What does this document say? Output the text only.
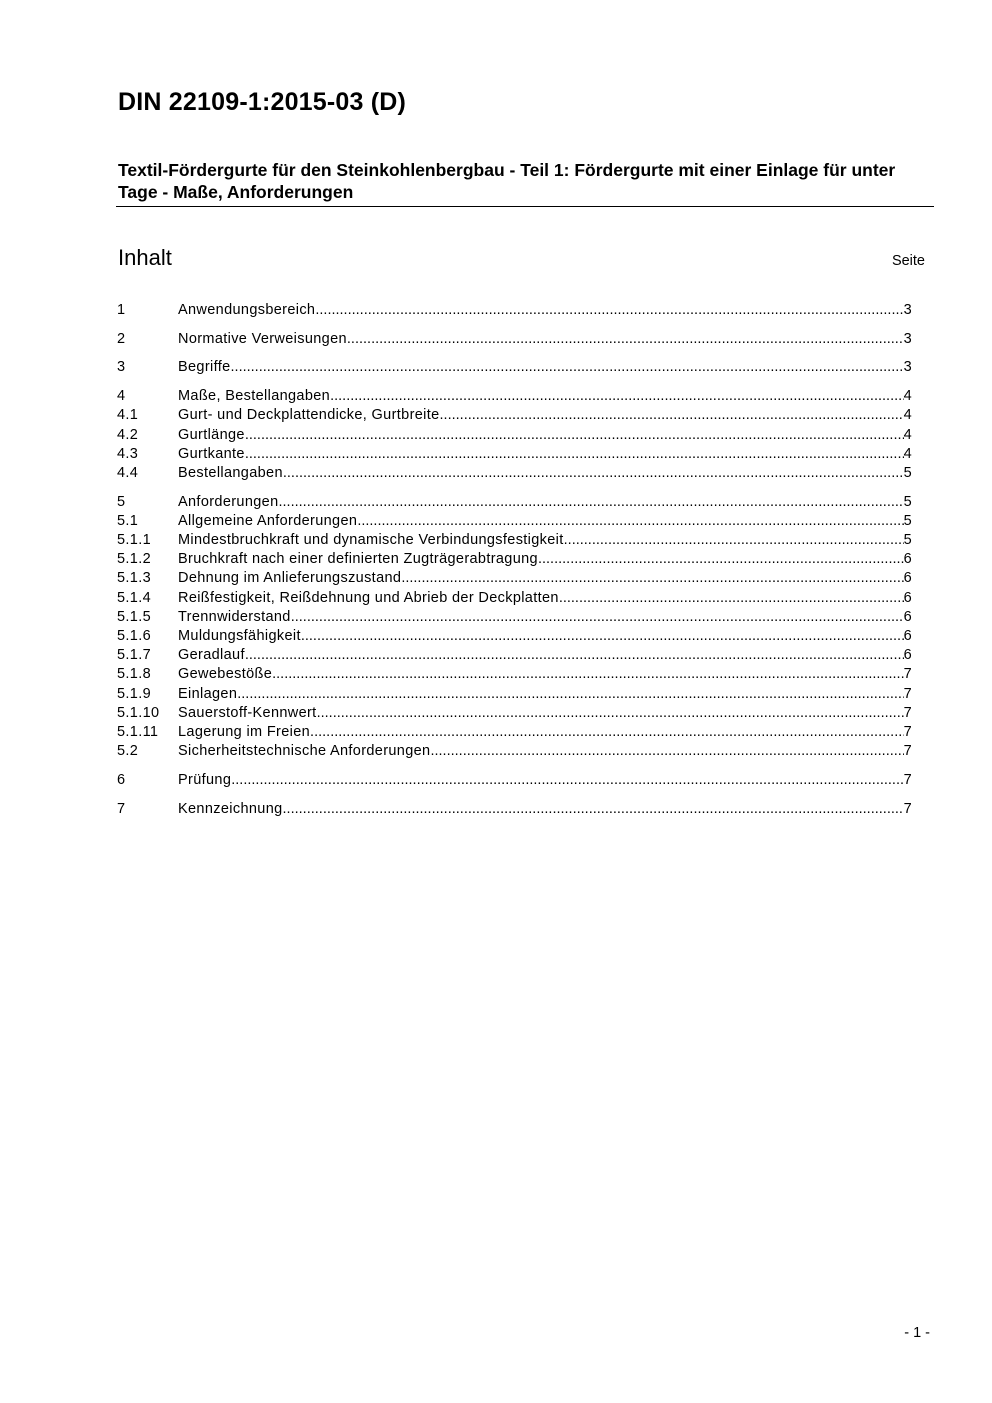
DIN 22109-1:2015-03 (D)
Textil-Fördergurte für den Steinkohlenbergbau - Teil 1: Fördergurte mit einer Einlage für unter Tage - Maße, Anforderungen
Inhalt	Seite
1	Anwendungsbereich .....	3
2	Normative Verweisungen .....	3
3	Begriffe .....	3
4	Maße, Bestellangaben .....	4
4.1	Gurt- und Deckplattendicke, Gurtbreite .....	4
4.2	Gurtlänge .....	4
4.3	Gurtkante .....	4
4.4	Bestellangaben .....	5
5	Anforderungen .....	5
5.1	Allgemeine Anforderungen .....	5
5.1.1	Mindestbruchkraft und dynamische Verbindungsfestigkeit .....	5
5.1.2	Bruchkraft nach einer definierten Zugträgerabtragung .....	6
5.1.3	Dehnung im Anlieferungszustand .....	6
5.1.4	Reißfestigkeit, Reißdehnung und Abrieb der Deckplatten .....	6
5.1.5	Trennwiderstand .....	6
5.1.6	Muldungsfähigkeit .....	6
5.1.7	Geradlauf .....	6
5.1.8	Gewebestöße .....	7
5.1.9	Einlagen .....	7
5.1.10	Sauerstoff-Kennwert .....	7
5.1.11	Lagerung im Freien .....	7
5.2	Sicherheitstechnische Anforderungen .....	7
6	Prüfung .....	7
7	Kennzeichnung .....	7
- 1 -
